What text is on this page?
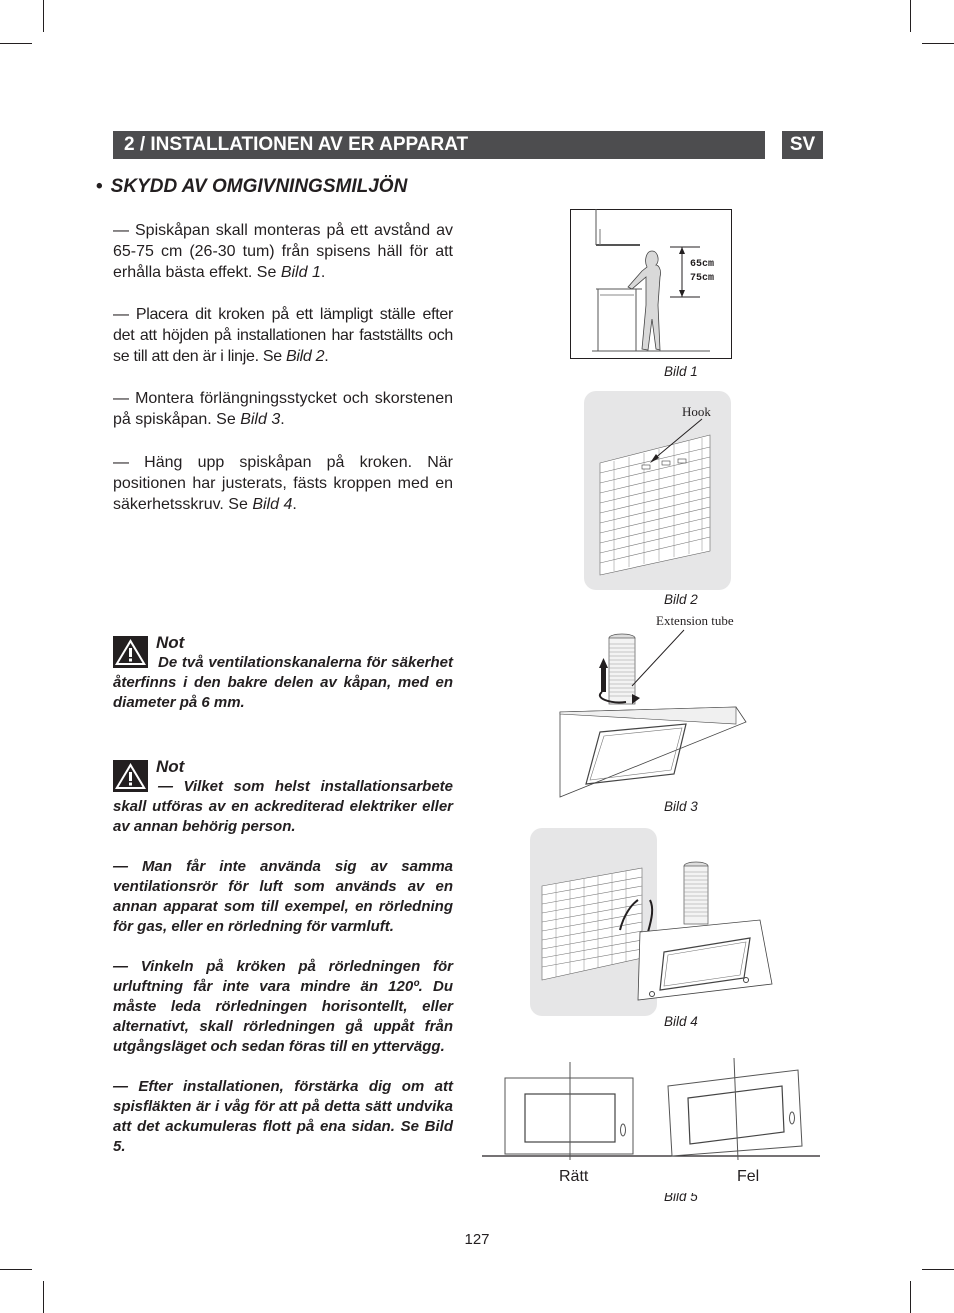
2 / INSTALLATIONEN AV ER APPARAT	SV
• SKYDD AV OMGIVNINGSMILJÖN
— Spiskåpan skall monteras på ett avstånd av 65-75 cm (26-30 tum) från spisens häll för att erhålla bästa effekt. Se Bild 1.
— Placera dit kroken på ett lämpligt ställe efter det att höjden på installationen har fastställts och se till att den är i linje. Se Bild 2.
— Montera förlängningsstycket och skorstenen på spiskåpan. Se Bild 3.
— Häng upp spiskåpan på kroken. När positionen har justerats, fästs kroppen med en säkerhetsskruv. Se Bild 4.
Not
De två ventilationskanalerna för säkerhet återfinns i den bakre delen av kåpan, med en diameter på 6 mm.
Not
— Vilket som helst installationsarbete skall utföras av en ackrediterad elektriker eller av annan behörig person.
— Man får inte använda sig av samma ventilationsrör för luft som används av en annan apparat som till exempel, en rörledning för gas, eller en rörledning för varmluft.
— Vinkeln på kröken på rörledningen för urluftning får inte vara mindre än 120º. Du måste leda rörledningen horisontellt, eller alternativt, skall rörledningen gå uppåt från utgångsläget och sedan föras till en yttervägg.
— Efter installationen, förstärka dig om att spisfläkten är i våg för att på detta sätt undvika att det ackumuleras flott på ena sidan. Se Bild 5.
65cm
75cm
Bild 1
Hook
Bild 2
Extension tube
Bild 3
Bild 4
Rätt	Fel
Bild 5
127
